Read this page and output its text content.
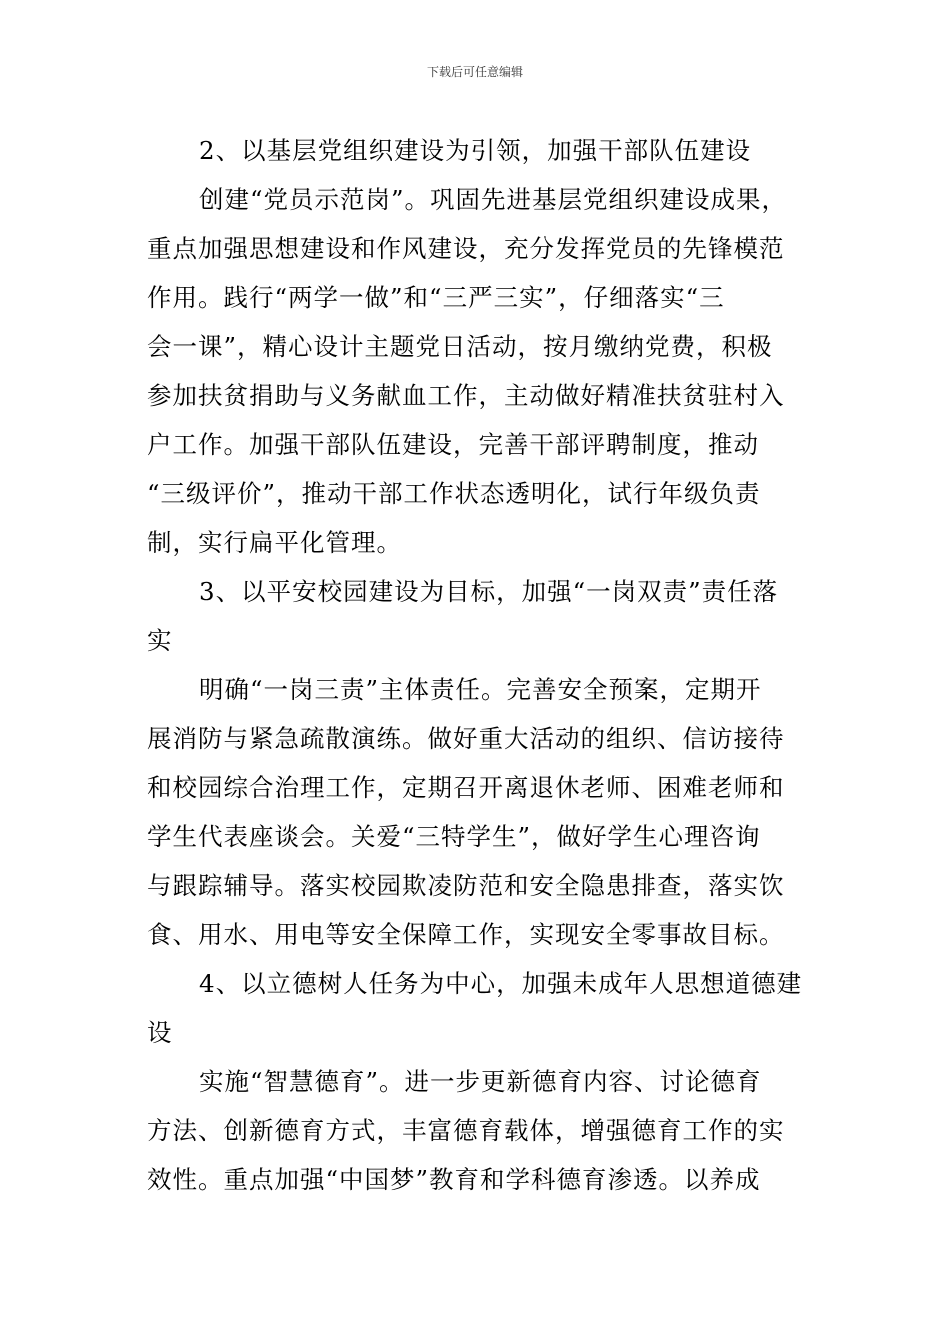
下载后可任意编辑
2、以基层党组织建设为引领，加强干部队伍建设
创建“党员示范岗”。巩固先进基层党组织建设成果，
重点加强思想建设和作风建设，充分发挥党员的先锋模范
作用。践行“两学一做”和“三严三实”，仔细落实“三
会一课”，精心设计主题党日活动，按月缴纳党费，积极
参加扶贫捐助与义务献血工作，主动做好精准扶贫驻村入
户工作。加强干部队伍建设，完善干部评聘制度，推动
“三级评价”，推动干部工作状态透明化，试行年级负责
制，实行扁平化管理。
3、以平安校园建设为目标，加强“一岗双责”责任落
实
明确“一岗三责”主体责任。完善安全预案，定期开
展消防与紧急疏散演练。做好重大活动的组织、信访接待
和校园综合治理工作，定期召开离退休老师、困难老师和
学生代表座谈会。关爱“三特学生”，做好学生心理咨询
与跟踪辅导。落实校园欺凌防范和安全隐患排查，落实饮
食、用水、用电等安全保障工作，实现安全零事故目标。
4、以立德树人任务为中心，加强未成年人思想道德建
设
实施“智慧德育”。进一步更新德育内容、讨论德育
方法、创新德育方式，丰富德育载体，增强德育工作的实
效性。重点加强“中国梦”教育和学科德育渗透。以养成
